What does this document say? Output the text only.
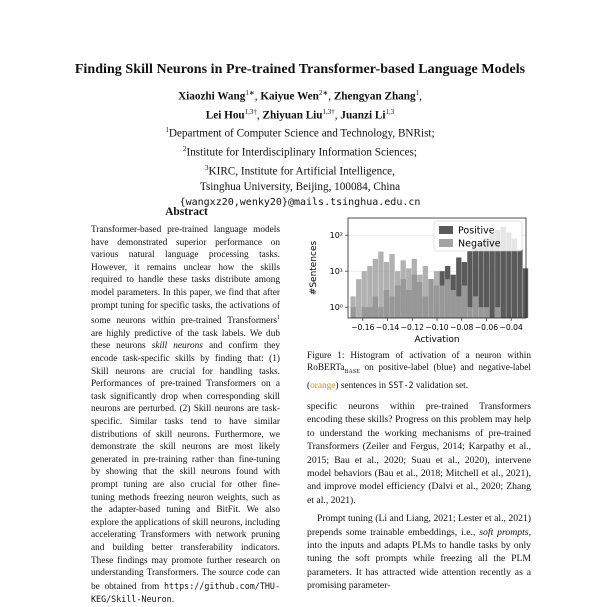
Finding Skill Neurons in Pre-trained Transformer-based Language Models
Xiaozhi Wang$^{1∗}$, Kaiyue Wen$^{2∗}$, Zhengyan Zhang$^1$,
Lei Hou$^{1,3\dagger}$, Zhiyuan Liu$^{1,3\dagger}$, Juanzi Li$^{1,3}$
$^1$Department of Computer Science and Technology, BNRist;
$^2$Institute for Interdisciplinary Information Sciences;
$^3$KIRC, Institute for Artificial Intelligence,
Tsinghua University, Beijing, 100084, China
{wangxz20,wenky20}@mails.tsinghua.edu.cn
Abstract
Transformer-based pre-trained language models have demonstrated superior performance on various natural language processing tasks. However, it remains unclear how the skills required to handle these tasks distribute among model parameters. In this paper, we find that after prompt tuning for specific tasks, the activations of some neurons within pre-trained Transformers$^1$ are highly predictive of the task labels. We dub these neurons skill neurons and confirm they encode task-specific skills by finding that: (1) Skill neurons are crucial for handling tasks. Performances of pre-trained Transformers on a task significantly drop when corresponding skill neurons are perturbed. (2) Skill neurons are task-specific. Similar tasks tend to have similar distributions of skill neurons. Furthermore, we demonstrate the skill neurons are most likely generated in pre-training rather than fine-tuning by showing that the skill neurons found with prompt tuning are also crucial for other fine-tuning methods freezing neuron weights, such as the adapter-based tuning and BitFit. We also explore the applications of skill neurons, including accelerating Transformers with network pruning and building better transferability indicators. These findings may promote further research on understanding Transformers. The source code can be obtained from https://github.com/THU-KEG/Skill-Neuron.
#Sentences
Activation
Positive
Negative
−0.16 −0.14 −0.12 −0.10 −0.08 −0.06 −0.04
10⁰
10¹
10²
Figure 1: Histogram of activation of a neuron within RoBERTa$_{BASE}$ on positive-label (blue) and negative-label (orange) sentences in SST-2 validation set.

specific neurons within pre-trained Transformers encoding these skills? Progress on this problem may help to understand the working mechanisms of pre-trained Transformers (Zeiler and Fergus, 2014; Karpathy et al., 2015; Bau et al., 2020; Suau et al., 2020), intervene model behaviors (Bau et al., 2018; Mitchell et al., 2021), and improve model efficiency (Dalvi et al., 2020; Zhang et al., 2021).

Prompt tuning (Li and Liang, 2021; Lester et al., 2021) prepends some trainable embeddings, i.e., soft prompts, into the inputs and adapts PLMs to handle tasks by only tuning the soft prompts while freezing all the PLM parameters. It has attracted wide attention recently as a promising parameter-
